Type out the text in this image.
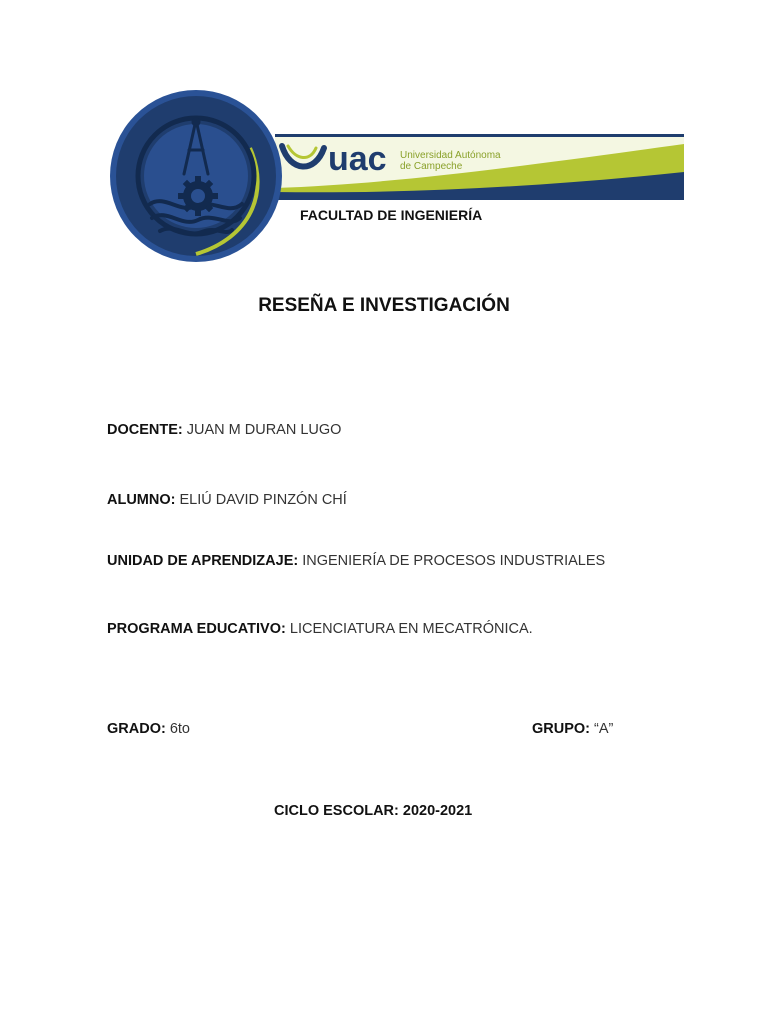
uac Universidad Autónoma
de Campeche
FACULTAD DE INGENIERÍA
RESEÑA E INVESTIGACIÓN
DOCENTE: JUAN M DURAN LUGO
ALUMNO: ELIÚ DAVID PINZÓN CHÍ
UNIDAD DE APRENDIZAJE: INGENIERÍA DE PROCESOS INDUSTRIALES
PROGRAMA EDUCATIVO: LICENCIATURA EN MECATRÓNICA.
GRADO: 6to	GRUPO: “A”
CICLO ESCOLAR: 2020-2021
